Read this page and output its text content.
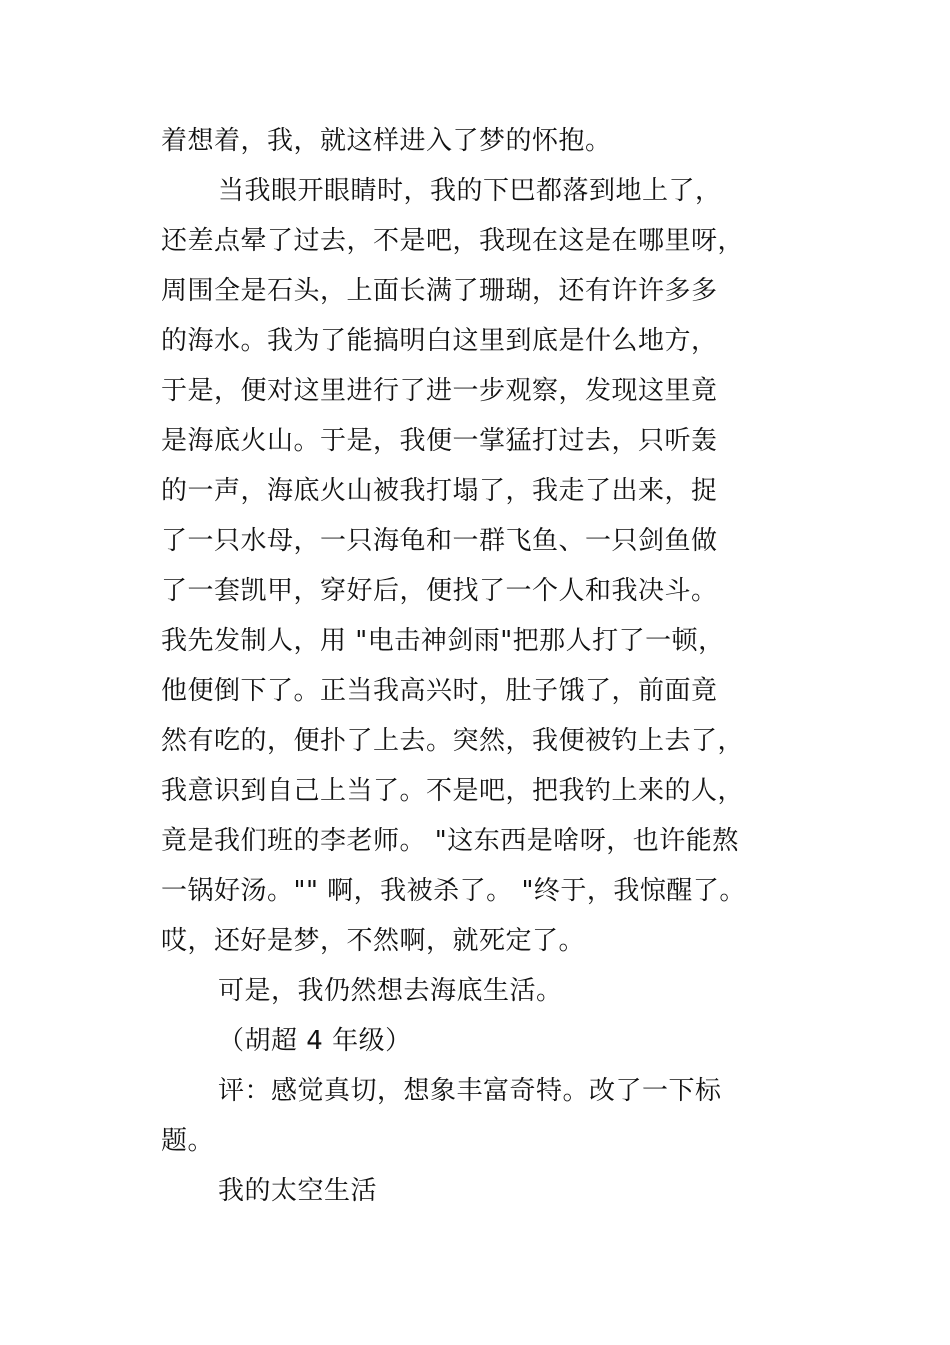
着想着，我，就这样进入了梦的怀抱。
当我眼开眼睛时，我的下巴都落到地上了，
还差点晕了过去，不是吧，我现在这是在哪里呀，
周围全是石头，上面长满了珊瑚，还有许许多多
的海水。我为了能搞明白这里到底是什么地方，
于是，便对这里进行了进一步观察，发现这里竟
是海底火山。于是，我便一掌猛打过去，只听轰
的一声，海底火山被我打塌了，我走了出来，捉
了一只水母，一只海龟和一群飞鱼、一只剑鱼做
了一套凯甲，穿好后，便找了一个人和我决斗。
我先发制人，用 "电击神剑雨"把那人打了一顿，
他便倒下了。正当我高兴时，肚子饿了，前面竟
然有吃的，便扑了上去。突然，我便被钓上去了，
我意识到自己上当了。不是吧，把我钓上来的人，
竟是我们班的李老师。 "这东西是啥呀，也许能熬
一锅好汤。"" 啊，我被杀了。 "终于，我惊醒了。
哎，还好是梦，不然啊，就死定了。
可是，我仍然想去海底生活。
（胡超 4 年级）
评：感觉真切，想象丰富奇特。改了一下标
题。
我的太空生活
